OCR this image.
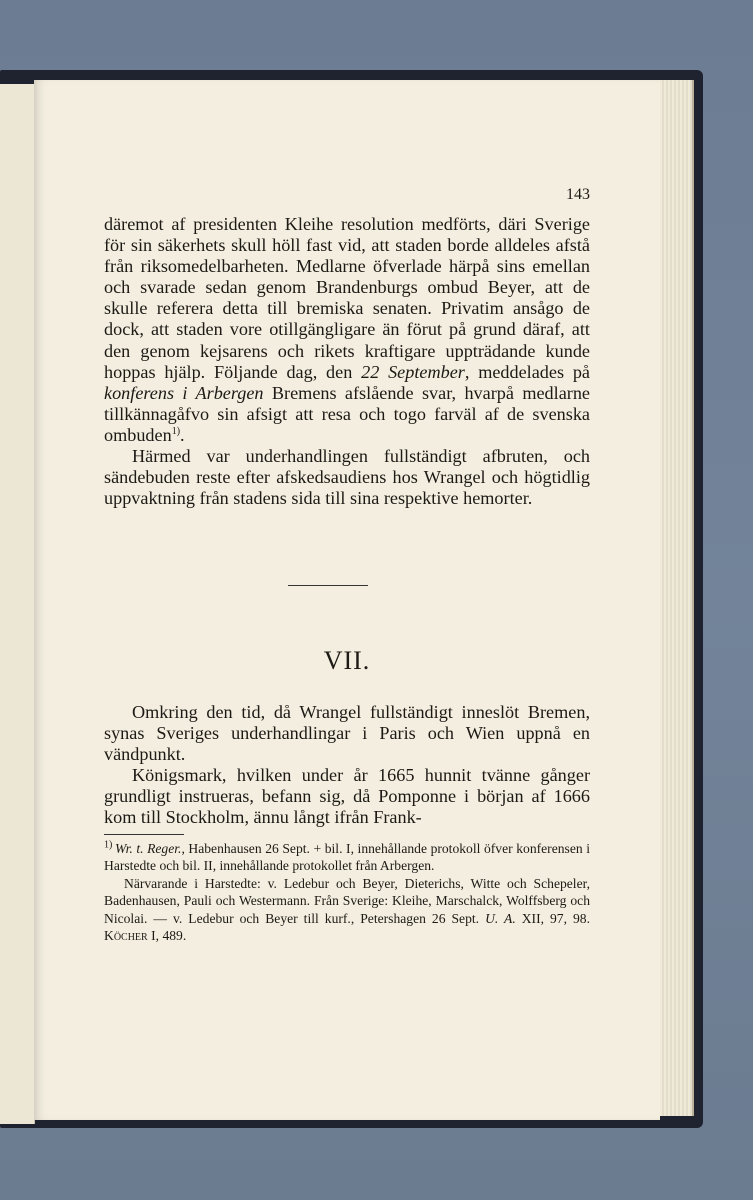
143

däremot af presidenten Kleihe resolution medförts, däri Sverige för sin säkerhets skull höll fast vid, att staden borde alldeles afstå från riksomedelbarheten. Medlarne öfverlade härpå sins emellan och svarade sedan genom Brandenburgs ombud Beyer, att de skulle referera detta till bremiska senaten. Privatim ansågo de dock, att staden vore otillgängligare än förut på grund däraf, att den genom kejsarens och rikets kraftigare uppträdande kunde hoppas hjälp. Följande dag, den 22 September, meddelades på konferens i Arbergen Bremens afslående svar, hvarpå medlarne tillkännagåfvo sin afsigt att resa och togo farväl af de svenska ombuden$^{1)}$.

Härmed var underhandlingen fullständigt afbruten, och sändebuden reste efter afskedsaudiens hos Wrangel och högtidlig uppvaktning från stadens sida till sina respektive hemorter.

VII.

Omkring den tid, då Wrangel fullständigt inneslöt Bremen, synas Sveriges underhandlingar i Paris och Wien uppnå en vändpunkt.

Königsmark, hvilken under år 1665 hunnit tvänne gånger grundligt instrueras, befann sig, då Pomponne i början af 1666 kom till Stockholm, ännu långt ifrån Frank-

$^{1)}$ Wr. t. Reger., Habenhausen 26 Sept. + bil. I, innehållande protokoll öfver konferensen i Harstedte och bil. II, innehållande protokollet från Arbergen.

Närvarande i Harstedte: v. Ledebur och Beyer, Dieterichs, Witte och Schepeler, Badenhausen, Pauli och Westermann. Från Sverige: Kleihe, Marschalck, Wolffsberg och Nicolai. — v. Ledebur och Beyer till kurf., Petershagen 26 Sept. U. A. XII, 97, 98. Köcher I, 489.
